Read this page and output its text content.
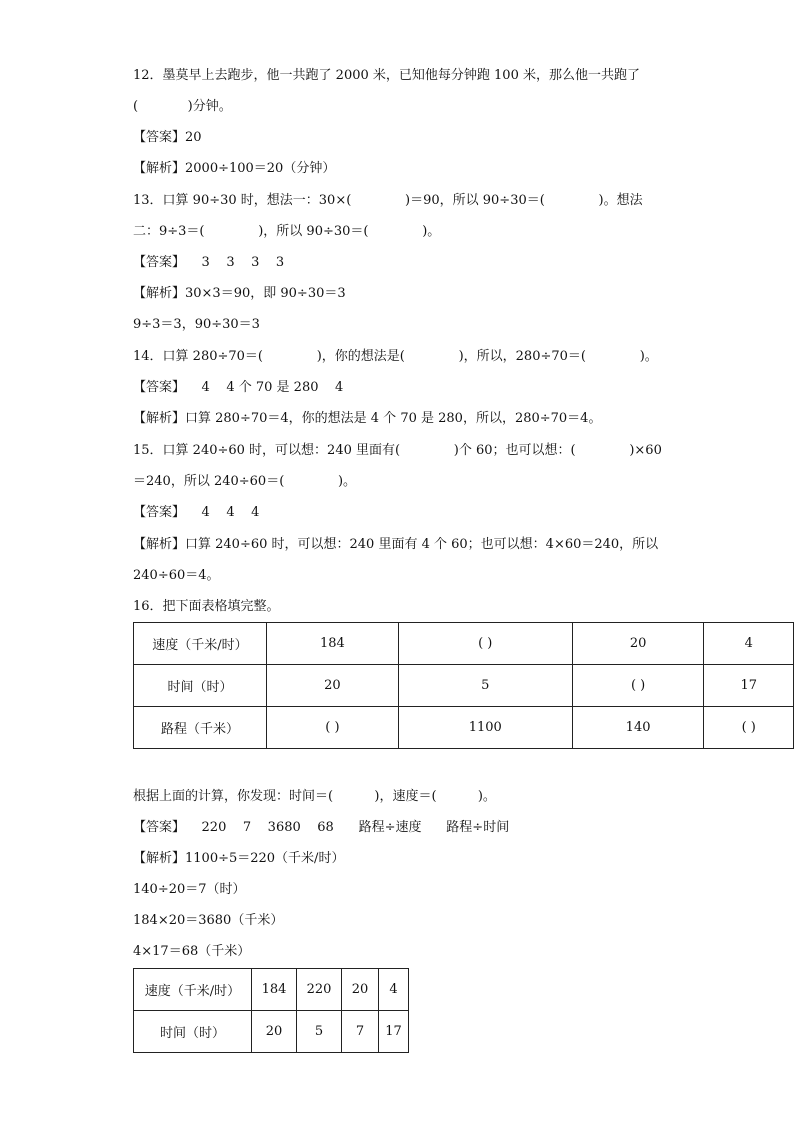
12．墨莫早上去跑步，他一共跑了 2000 米，已知他每分钟跑 100 米，那么他一共跑了
(            )分钟。
【答案】20
【解析】2000÷100＝20（分钟）
13．口算 90÷30 时，想法一：30×(             )＝90，所以 90÷30＝(             )。想法
二：9÷3＝(             )，所以 90÷30＝(             )。
【答案】    3    3    3    3
【解析】30×3＝90，即 90÷30＝3
9÷3＝3，90÷30＝3
14．口算 280÷70＝(             )，你的想法是(             )，所以，280÷70＝(             )。
【答案】    4    4 个 70 是 280    4
【解析】口算 280÷70＝4，你的想法是 4 个 70 是 280，所以，280÷70＝4。
15．口算 240÷60 时，可以想：240 里面有(             )个 60；也可以想：(             )×60
＝240，所以 240÷60＝(             )。
【答案】    4    4    4
【解析】口算 240÷60 时，可以想：240 里面有 4 个 60；也可以想：4×60＝240，所以
240÷60＝4。
16．把下面表格填完整。
速度（千米/时）	184	( )	20	4
时间（时）	20	5	( )	17
路程（千米）	( )	1100	140	( )
根据上面的计算，你发现：时间＝(          )，速度＝(          )。
【答案】    220    7    3680    68      路程÷速度      路程÷时间
【解析】1100÷5＝220（千米/时）
140÷20＝7（时）
184×20＝3680（千米）
4×17＝68（千米）
速度（千米/时）	184	220	20	4
时间（时）	20	5	7	17
